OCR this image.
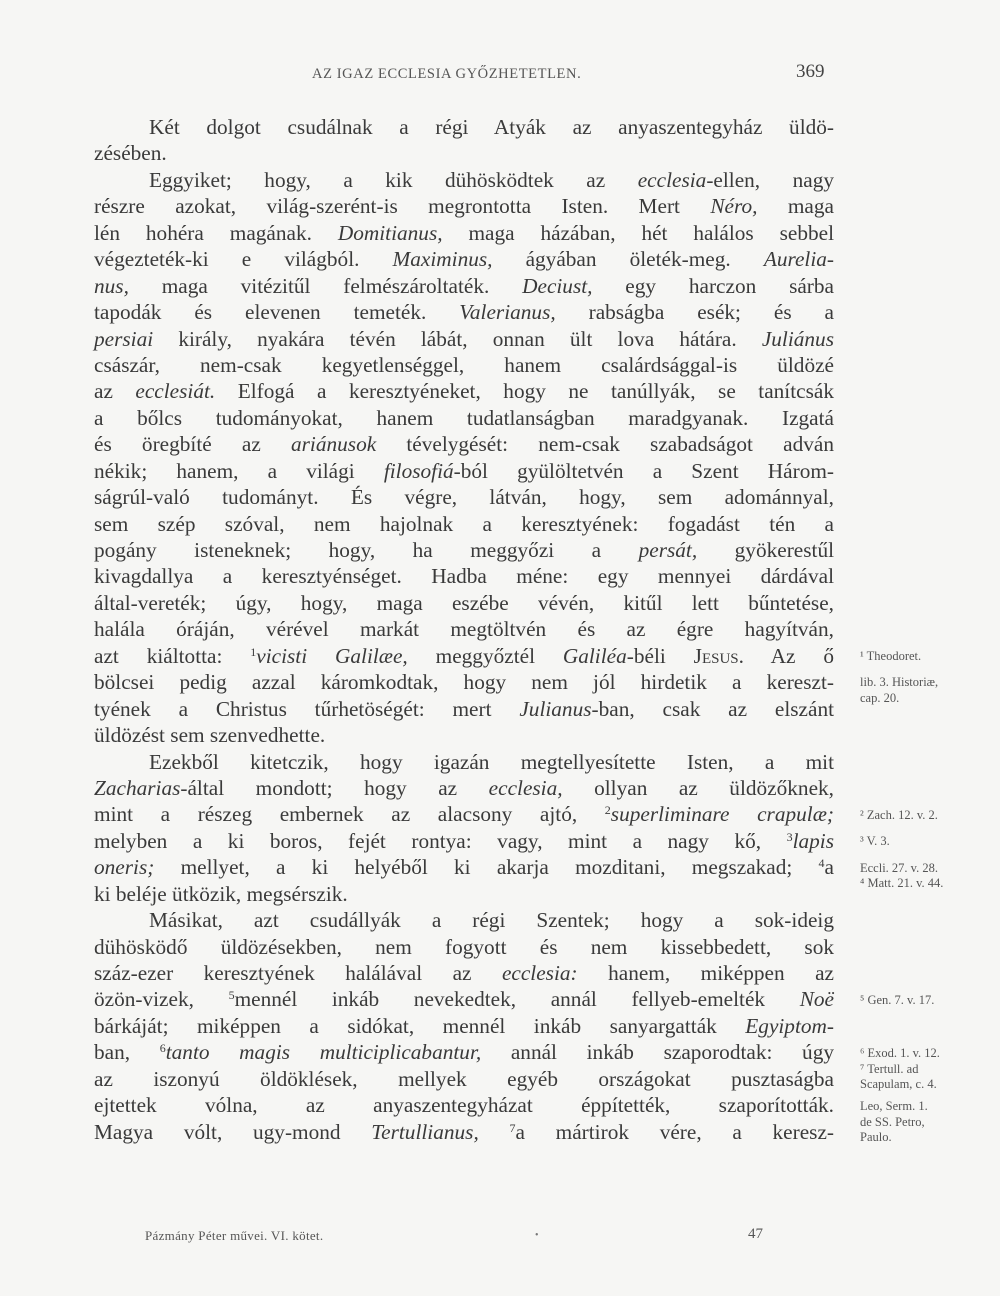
AZ IGAZ ECCLESIA GYŐZHETETLEN.	369
Két dolgot csudálnak a régi Atyák az anyaszentegyház üldö-
zésében.
Eggyiket; hogy, a kik dühösködtek az ecclesia-ellen, nagy
részre azokat, világ-szerént-is megrontotta Isten. Mert Néro, maga
lén hohéra magának. Domitianus, maga házában, hét halálos sebbel
végezteték-ki e világból. Maximinus, ágyában öleték-meg. Aurelia-
nus, maga vitézitűl felmészároltaték. Deciust, egy harczon sárba
tapodák és elevenen temeték. Valerianus, rabságba esék; és a
persiai király, nyakára tévén lábát, onnan ült lova hátára. Juliánus
császár, nem-csak kegyetlenséggel, hanem csalárdsággal-is üldözé
az ecclesiát. Elfogá a keresztyéneket, hogy ne tanúllyák, se tanítcsák
a bőlcs tudományokat, hanem tudatlanságban maradgyanak. Izgatá
és öregbíté az ariánusok tévelygését: nem-csak szabadságot adván
nékik; hanem, a világi filosofiá-ból gyülöltetvén a Szent Három-
ságrúl-való tudományt. És végre, látván, hogy, sem adománnyal,
sem szép szóval, nem hajolnak a keresztyének: fogadást tén a
pogány isteneknek; hogy, ha meggyőzi a persát, gyökerestűl
kivagdallya a keresztyénséget. Hadba méne: egy mennyei dárdával
által-vereték; úgy, hogy, maga eszébe vévén, kitűl lett bűntetése,
halála óráján, vérével markát megtöltvén és az égre hagyítván,
azt kiáltotta: $^1$vicisti Galilæe, meggyőztél Galiléa-béli Jesus. Az ő
bölcsei pedig azzal káromkodtak, hogy nem jól hirdetik a kereszt-
tyének a Christus tűrhetöségét: mert Julianus-ban, csak az elszánt
üldözést sem szenvedhette.
Ezekből kitetczik, hogy igazán megtellyesítette Isten, a mit
Zacharias-által mondott; hogy az ecclesia, ollyan az üldözőknek,
mint a részeg embernek az alacsony ajtó, $^2$superliminare crapulæ;
melyben a ki boros, fejét rontya: vagy, mint a nagy kő, $^3$lapis
oneris; mellyet, a ki helyéből ki akarja mozditani, megszakad; $^4$a
ki beléje ütközik, megsérszik.
Másikat, azt csudállyák a régi Szentek; hogy a sok-ideig
dühösködő üldözésekben, nem fogyott és nem kissebbedett, sok
száz-ezer keresztyének halálával az ecclesia: hanem, miképpen az
özön-vizek, $^5$mennél inkáb nevekedtek, annál fellyeb-emelték Noë
bárkáját; miképpen a sidókat, mennél inkáb sanyargatták Egyiptom-
ban, $^6$tanto magis multiciplicabantur, annál inkáb szaporodtak: úgy
az iszonyú öldöklések, mellyek egyéb országokat pusztaságba
ejtettek vólna, az anyaszentegyházat éppítették, szaporították.
Magya vólt, ugy-mond Tertullianus,	$^7$a mártirok vére, a keresz-
¹ Theodoret.
lib. 3. Historiæ,
cap. 20.
² Zach. 12. v. 2.
³ V. 3.
Eccli. 27. v. 28.
⁴ Matt. 21. v. 44.
⁵ Gen. 7. v. 17.
⁶ Exod. 1. v. 12.
⁷ Tertull. ad
Scapulam, c. 4.
Leo, Serm. 1.
de SS. Petro,
Paulo.
Pázmány Péter művei. VI. kötet.	•	47
